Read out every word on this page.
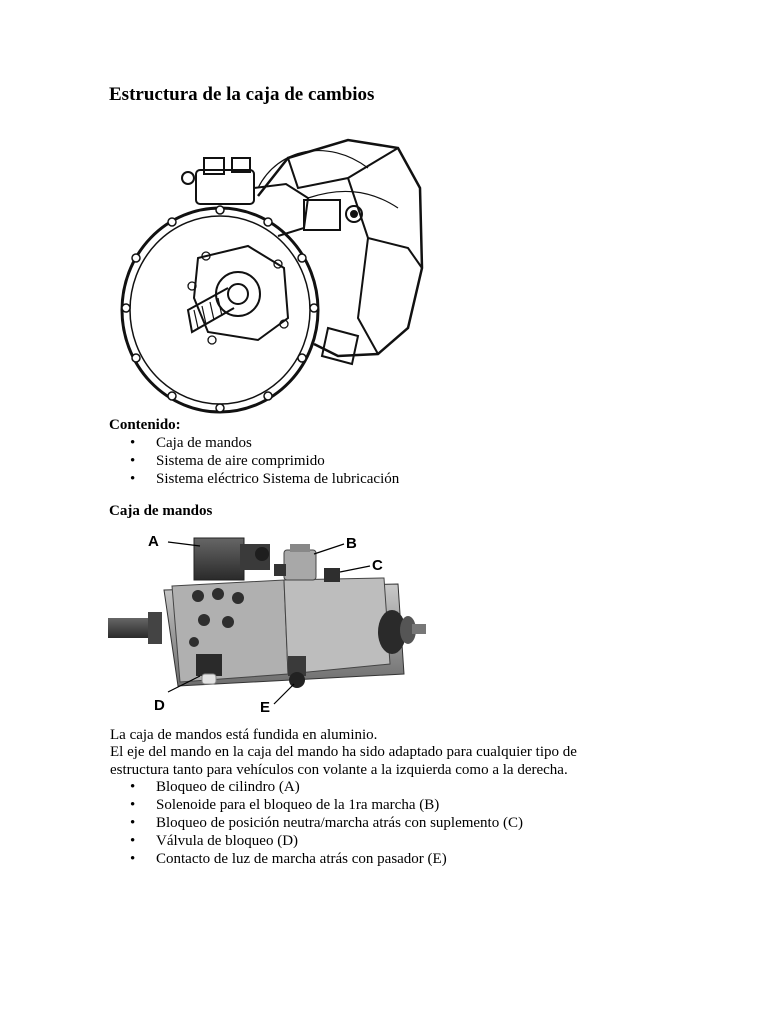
Estructura de la caja de cambios
Contenido:
• Caja de mandos
• Sistema de aire comprimido
• Sistema eléctrico Sistema de lubricación
Caja de mandos
A	B
C
D	E

La caja de mandos está fundida en aluminio.

El eje del mando en la caja del mando ha sido adaptado para cualquier tipo de estructura tanto para vehículos con volante a la izquierda como a la derecha.

• Bloqueo de cilindro (A)
• Solenoide para el bloqueo de la 1ra marcha (B)
• Bloqueo de posición neutra/marcha atrás con suplemento (C)
• Válvula de bloqueo (D)
• Contacto de luz de marcha atrás con pasador (E)
